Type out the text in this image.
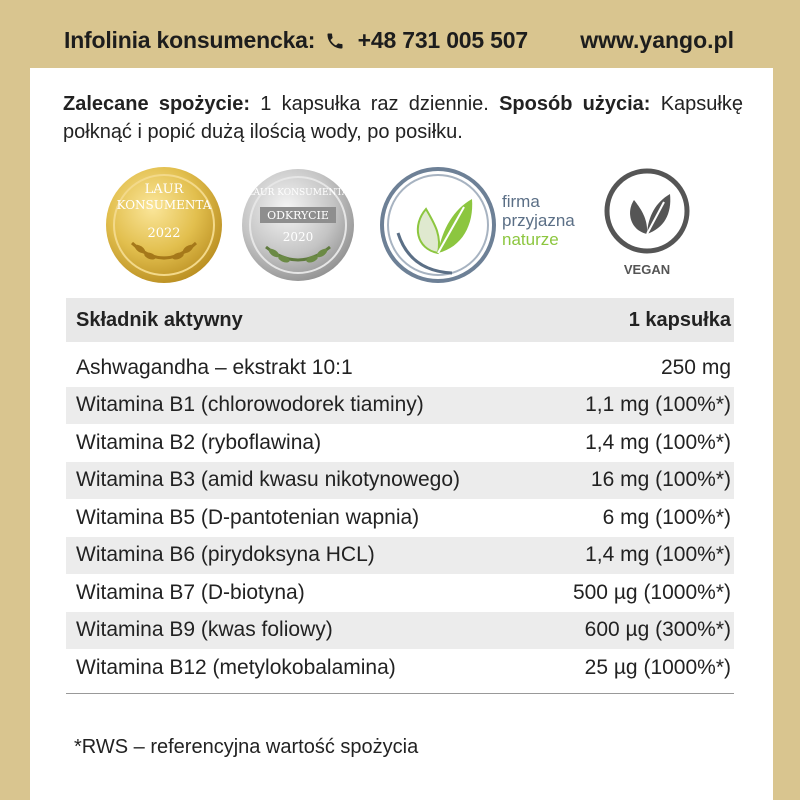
Infolinia konsumencka: +48 731 005 507 www.yango.pl
Zalecane spożycie: 1 kapsułka raz dziennie. Sposób użycia: Kapsułkę połknąć i popić dużą ilością wody, po posiłku.
LAUR
KONSUMENTA
2022
LAUR KONSUMENTA
ODKRYCIE
2020
firma
przyjazna
naturze
VEGAN
Składnik aktywny	1 kapsułka
Ashwagandha – ekstrakt 10:1	250 mg
Witamina B1 (chlorowodorek tiaminy)	1,1 mg (100%*)
Witamina B2 (ryboflawina)	1,4 mg (100%*)
Witamina B3 (amid kwasu nikotynowego)	16 mg (100%*)
Witamina B5 (D-pantotenian wapnia)	6 mg (100%*)
Witamina B6 (pirydoksyna HCL)	1,4 mg (100%*)
Witamina B7 (D-biotyna)	500 µg (1000%*)
Witamina B9 (kwas foliowy)	600 µg (300%*)
Witamina B12 (metylokobalamina)	25 µg (1000%*)
*RWS – referencyjna wartość spożycia
